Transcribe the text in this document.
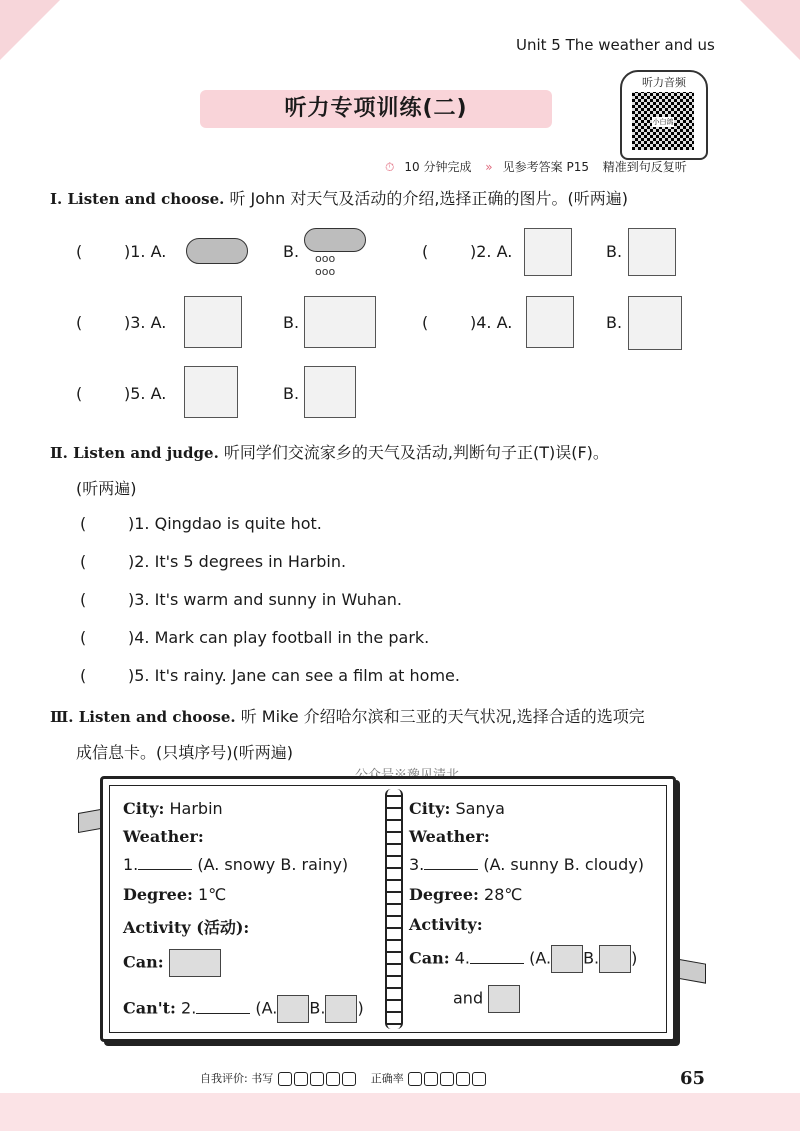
Unit 5 The weather and us
听力专项训练(二)
听力音频
小白鸽
⏱ 10 分钟完成 » 见参考答案 P15 精准到句反复听
Ⅰ. Listen and choose. 听 John 对天气及活动的介绍,选择正确的图片。(听两遍)
(	)1. A.	B. ooo
ooo
(	)2. A.	B.
(	)3. A.	B.	(	)4. A.	B.
(	)5. A.	B.
Ⅱ. Listen and judge. 听同学们交流家乡的天气及活动,判断句子正(T)误(F)。
(听两遍)
(	)1. Qingdao is quite hot.
(	)2. It's 5 degrees in Harbin.
(	)3. It's warm and sunny in Wuhan.
(	)4. Mark can play football in the park.
(	)5. It's rainy. Jane can see a film at home.
Ⅲ. Listen and choose. 听 Mike 介绍哈尔滨和三亚的天气状况,选择合适的选项完
成信息卡。(只填序号)(听两遍)
City: Harbin
Weather:
1.	(A. snowy B. rainy)
Degree: 1℃
Activity (活动):
Can:
Can't: 2.	(A. B. )
City: Sanya
Weather:
3.	(A. sunny B. cloudy)
Degree: 28℃
Activity:
Can: 4.	(A. B. )
and
自我评价: 书写	正确率	65
